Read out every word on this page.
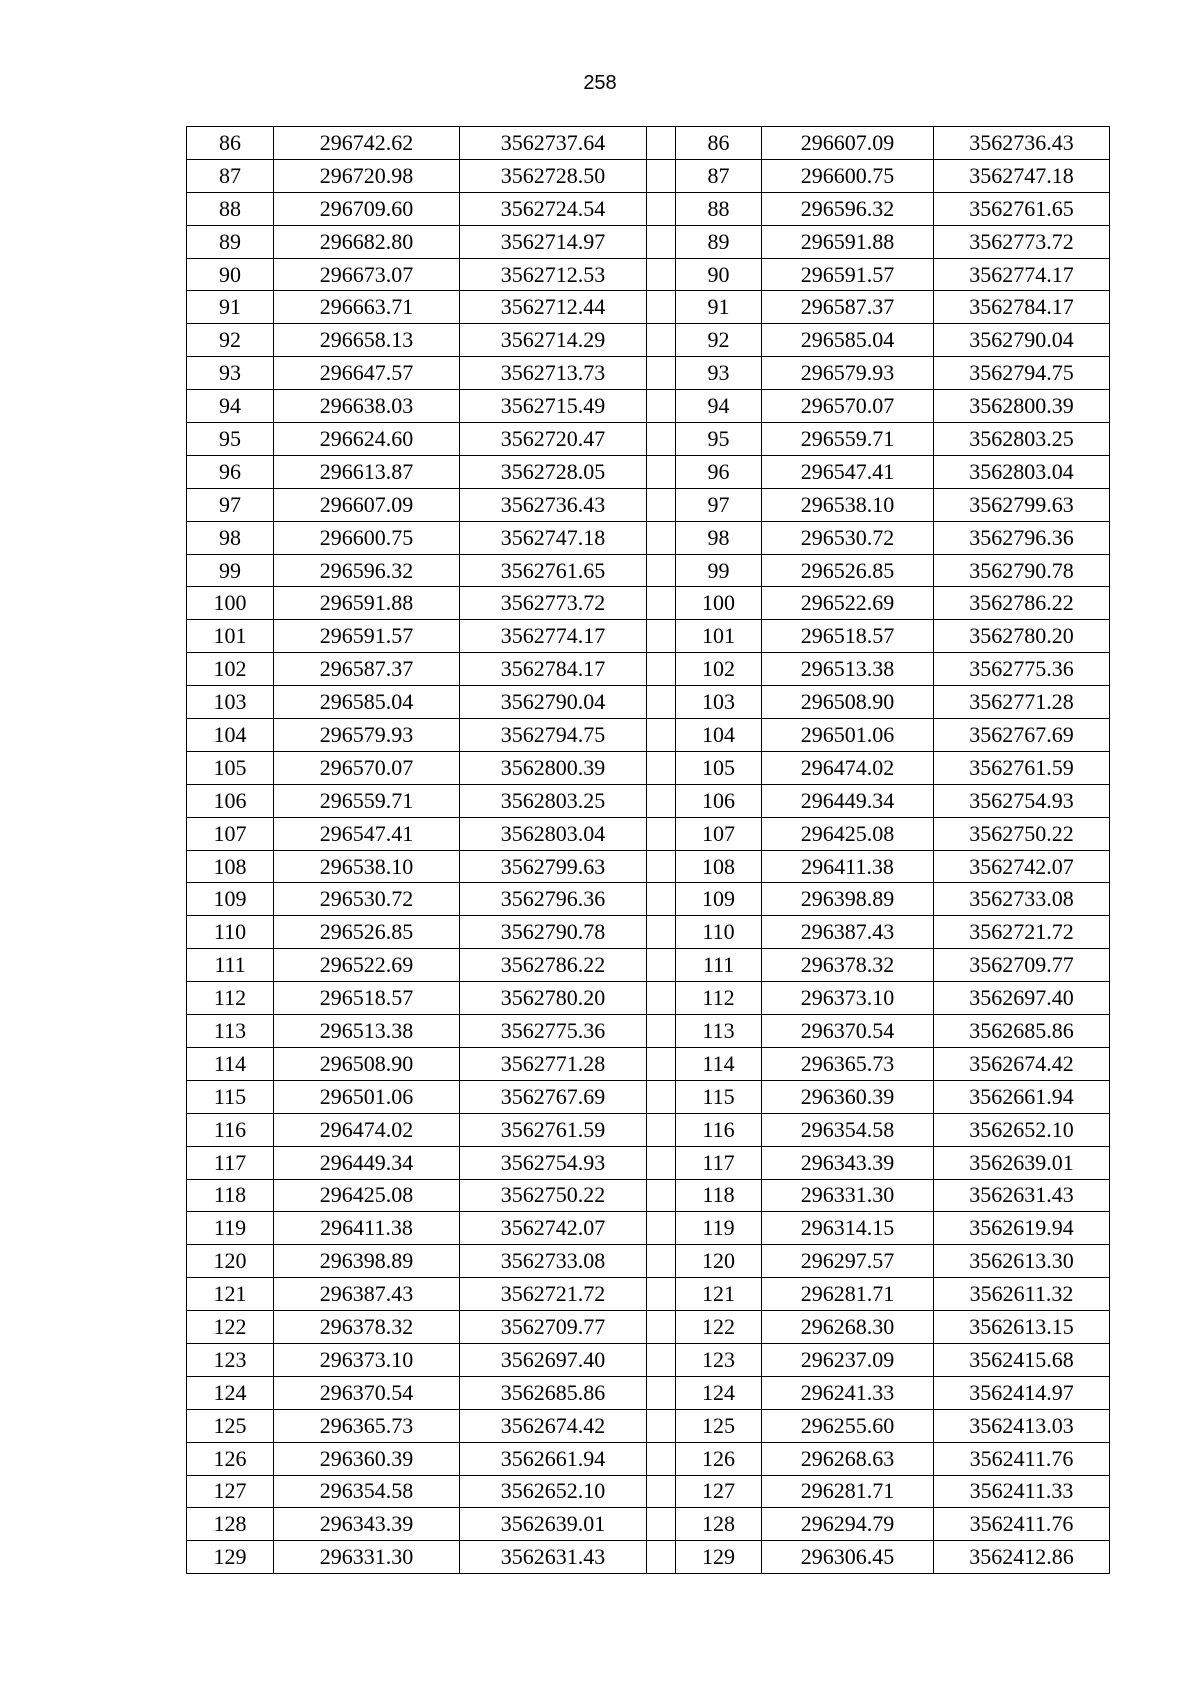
258
86	296742.62	3562737.64		86	296607.09	3562736.43
87	296720.98	3562728.50		87	296600.75	3562747.18
88	296709.60	3562724.54		88	296596.32	3562761.65
89	296682.80	3562714.97		89	296591.88	3562773.72
90	296673.07	3562712.53		90	296591.57	3562774.17
91	296663.71	3562712.44		91	296587.37	3562784.17
92	296658.13	3562714.29		92	296585.04	3562790.04
93	296647.57	3562713.73		93	296579.93	3562794.75
94	296638.03	3562715.49		94	296570.07	3562800.39
95	296624.60	3562720.47		95	296559.71	3562803.25
96	296613.87	3562728.05		96	296547.41	3562803.04
97	296607.09	3562736.43		97	296538.10	3562799.63
98	296600.75	3562747.18		98	296530.72	3562796.36
99	296596.32	3562761.65		99	296526.85	3562790.78
100	296591.88	3562773.72		100	296522.69	3562786.22
101	296591.57	3562774.17		101	296518.57	3562780.20
102	296587.37	3562784.17		102	296513.38	3562775.36
103	296585.04	3562790.04		103	296508.90	3562771.28
104	296579.93	3562794.75		104	296501.06	3562767.69
105	296570.07	3562800.39		105	296474.02	3562761.59
106	296559.71	3562803.25		106	296449.34	3562754.93
107	296547.41	3562803.04		107	296425.08	3562750.22
108	296538.10	3562799.63		108	296411.38	3562742.07
109	296530.72	3562796.36		109	296398.89	3562733.08
110	296526.85	3562790.78		110	296387.43	3562721.72
111	296522.69	3562786.22		111	296378.32	3562709.77
112	296518.57	3562780.20		112	296373.10	3562697.40
113	296513.38	3562775.36		113	296370.54	3562685.86
114	296508.90	3562771.28		114	296365.73	3562674.42
115	296501.06	3562767.69		115	296360.39	3562661.94
116	296474.02	3562761.59		116	296354.58	3562652.10
117	296449.34	3562754.93		117	296343.39	3562639.01
118	296425.08	3562750.22		118	296331.30	3562631.43
119	296411.38	3562742.07		119	296314.15	3562619.94
120	296398.89	3562733.08		120	296297.57	3562613.30
121	296387.43	3562721.72		121	296281.71	3562611.32
122	296378.32	3562709.77		122	296268.30	3562613.15
123	296373.10	3562697.40		123	296237.09	3562415.68
124	296370.54	3562685.86		124	296241.33	3562414.97
125	296365.73	3562674.42		125	296255.60	3562413.03
126	296360.39	3562661.94		126	296268.63	3562411.76
127	296354.58	3562652.10		127	296281.71	3562411.33
128	296343.39	3562639.01		128	296294.79	3562411.76
129	296331.30	3562631.43		129	296306.45	3562412.86
